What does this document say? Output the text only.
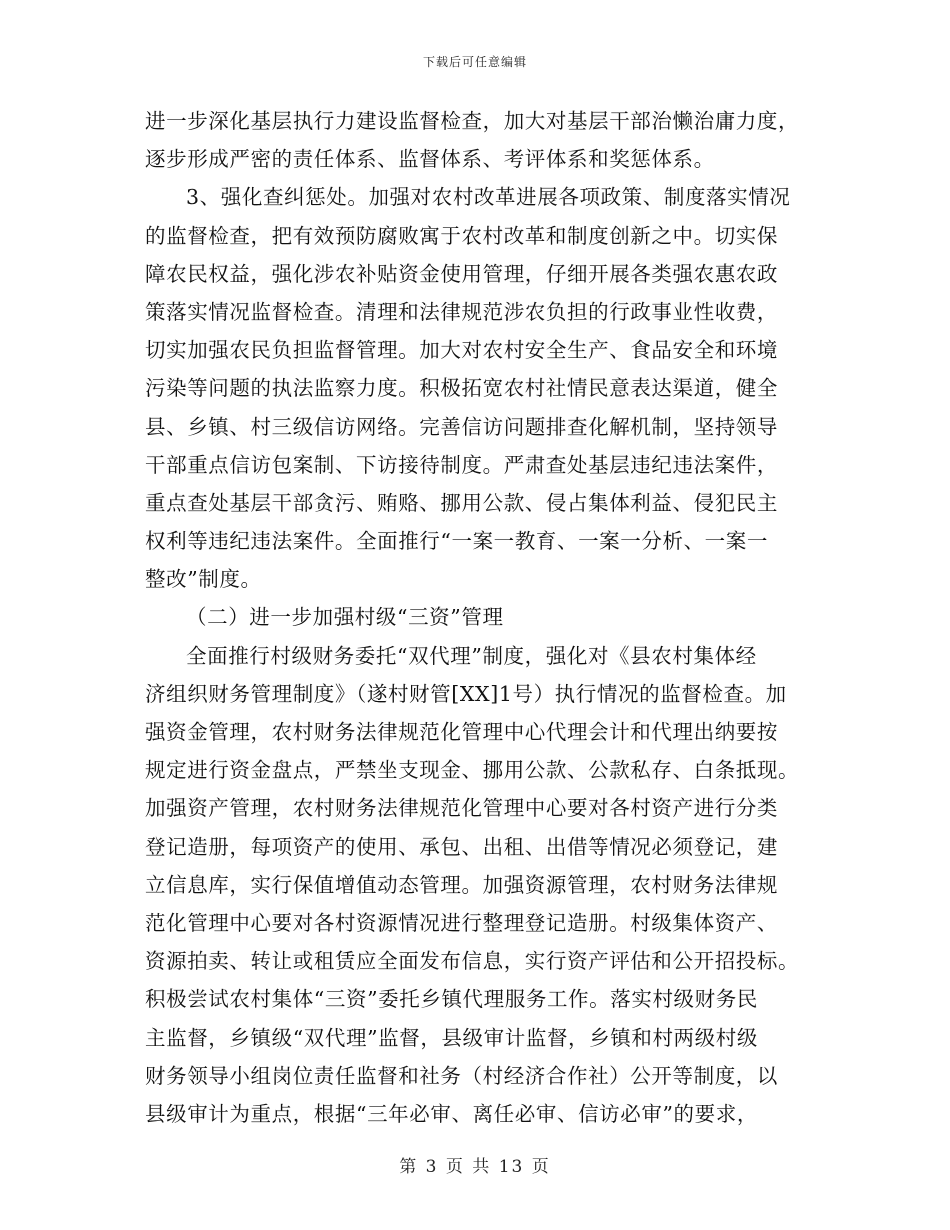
下载后可任意编辑
进一步深化基层执行力建设监督检查，加大对基层干部治懒治庸力度，
逐步形成严密的责任体系、监督体系、考评体系和奖惩体系。
3、强化查纠惩处。加强对农村改革进展各项政策、制度落实情况
的监督检查，把有效预防腐败寓于农村改革和制度创新之中。切实保
障农民权益，强化涉农补贴资金使用管理，仔细开展各类强农惠农政
策落实情况监督检查。清理和法律规范涉农负担的行政事业性收费，
切实加强农民负担监督管理。加大对农村安全生产、食品安全和环境
污染等问题的执法监察力度。积极拓宽农村社情民意表达渠道，健全
县、乡镇、村三级信访网络。完善信访问题排查化解机制，坚持领导
干部重点信访包案制、下访接待制度。严肃查处基层违纪违法案件，
重点查处基层干部贪污、贿赂、挪用公款、侵占集体利益、侵犯民主
权利等违纪违法案件。全面推行“一案一教育、一案一分析、一案一
整改”制度。
（二）进一步加强村级“三资”管理
全面推行村级财务委托“双代理”制度，强化对《县农村集体经
济组织财务管理制度》（遂村财管[XX]1号）执行情况的监督检查。加
强资金管理，农村财务法律规范化管理中心代理会计和代理出纳要按
规定进行资金盘点，严禁坐支现金、挪用公款、公款私存、白条抵现。
加强资产管理，农村财务法律规范化管理中心要对各村资产进行分类
登记造册，每项资产的使用、承包、出租、出借等情况必须登记，建
立信息库，实行保值增值动态管理。加强资源管理，农村财务法律规
范化管理中心要对各村资源情况进行整理登记造册。村级集体资产、
资源拍卖、转让或租赁应全面发布信息，实行资产评估和公开招投标。
积极尝试农村集体“三资”委托乡镇代理服务工作。落实村级财务民
主监督，乡镇级“双代理”监督，县级审计监督，乡镇和村两级村级
财务领导小组岗位责任监督和社务（村经济合作社）公开等制度，以
县级审计为重点，根据“三年必审、离任必审、信访必审”的要求，
第 3 页 共 13 页
